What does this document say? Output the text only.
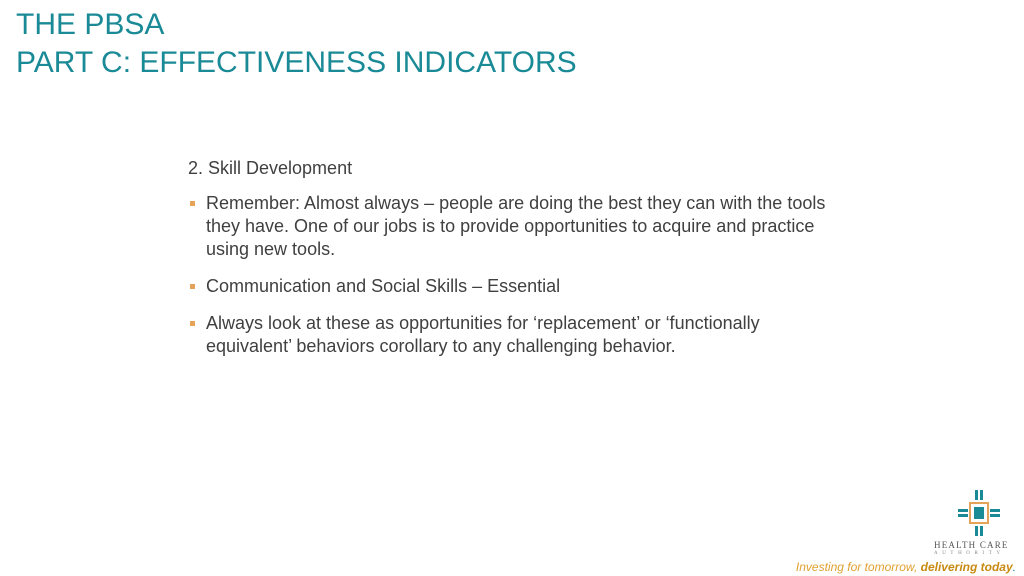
THE PBSA
PART C: EFFECTIVENESS INDICATORS
2. Skill Development
Remember: Almost always – people are doing the best they can with the tools they have. One of our jobs is to provide opportunities to acquire and practice using new tools.
Communication and Social Skills – Essential
Always look at these as opportunities for ‘replacement’ or ‘functionally equivalent’ behaviors corollary to any challenging behavior.
HEALTH CARE
AUTHORITY
Investing for tomorrow, delivering today.
